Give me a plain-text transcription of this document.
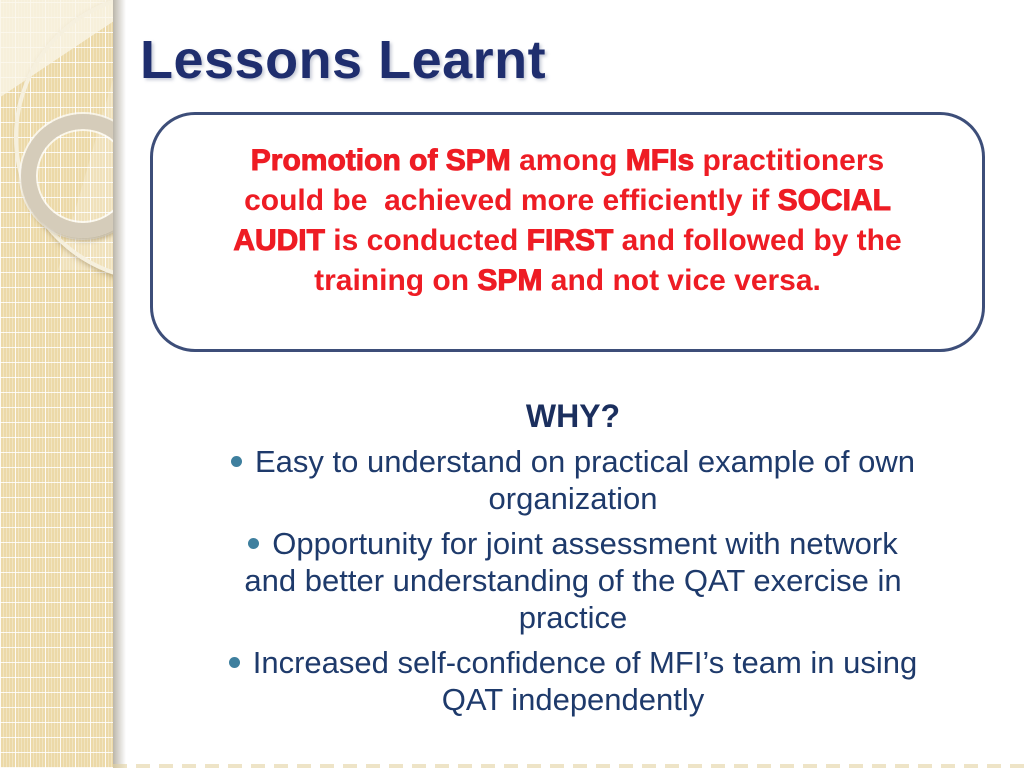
Lessons Learnt
Promotion of SPM among MFIs practitioners
could be  achieved more efficiently if SOCIAL
AUDIT is conducted FIRST and followed by the
training on SPM and not vice versa.
WHY?
Easy to understand on practical example of own
organization
Opportunity for joint assessment with network
and better understanding of the QAT exercise in
practice
Increased self-confidence of MFI’s team in using
QAT independently
